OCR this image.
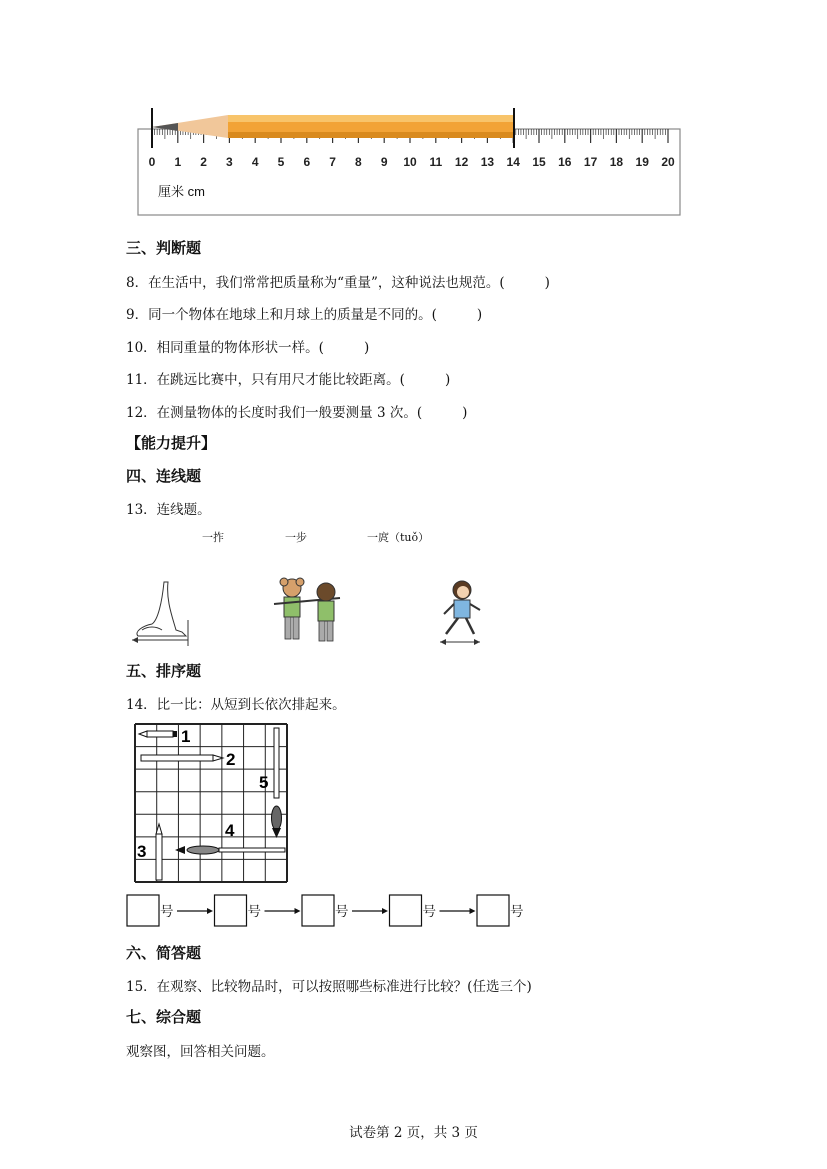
0 1 2 3 4 5 6 7 8 9 10 11 12 13 14 15 16 17 18 19 20
厘米 cm
三、判断题
8．在生活中，我们常常把质量称为“重量”，这种说法也规范。(	)
9．同一个物体在地球上和月球上的质量是不同的。(	)
10．相同重量的物体形状一样。(	)
11．在跳远比赛中，只有用尺才能比较距离。(	)
12．在测量物体的长度时我们一般要测量 3 次。(	)
【能力提升】
四、连线题
13．连线题。
一拃	一步	一庹（tuǒ）
五、排序题
14．比一比：从短到长依次排起来。
1
2
5
4
3
号	号	号	号	号
六、简答题
15．在观察、比较物品时，可以按照哪些标准进行比较？(任选三个)
七、综合题
观察图，回答相关问题。
试卷第 2 页，共 3 页
